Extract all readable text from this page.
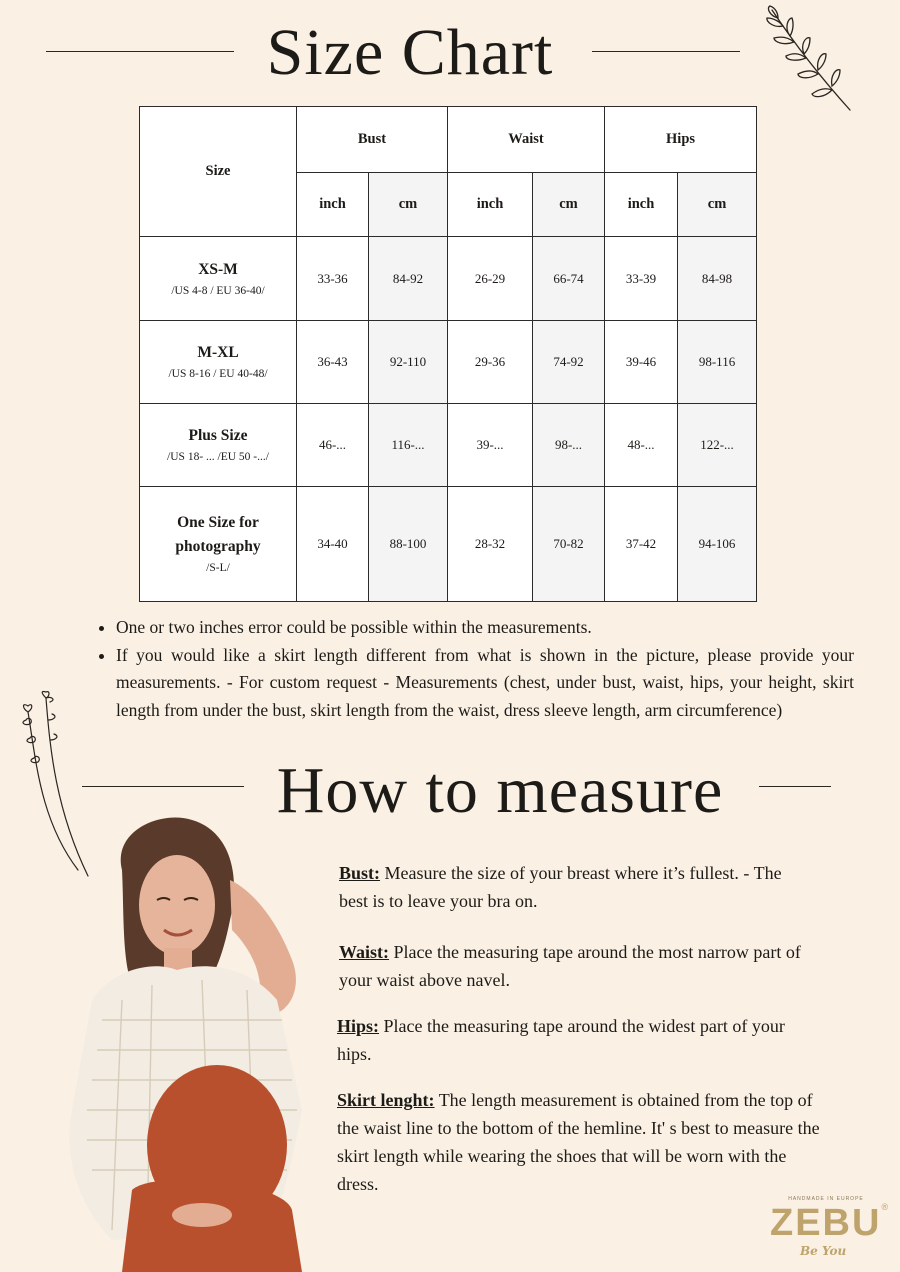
Size Chart
Size	Bust		Waist		Hips	
	inch	cm	inch	cm	inch	cm

XS-M
/US 4-8 / EU 36-40/	33-36	84-92	26-29	66-74	33-39	84-98

M-XL
/US 8-16 / EU 40-48/	36-43	92-110	29-36	74-92	39-46	98-116

Plus Size
/US 18- ... /EU 50 -.../	46-...	116-...	39-...	98-...	48-...	122-...

One Size for photography
/S-L/	34-40	88-100	28-32	70-82	37-42	94-106
• One or two inches error could be possible within the measurements.
• If you would like a skirt length different from what is shown in the picture, please provide your measurements. - For custom request - Measurements (chest, under bust, waist, hips, your height, skirt length from under the bust, skirt length from the waist, dress sleeve length, arm circumference)
How to measure
Bust: Measure the size of your breast where it’s fullest. - The best is to leave your bra on.
Waist: Place the measuring tape around the most narrow part of your waist above navel.
Hips: Place the measuring tape around the widest part of your hips.
Skirt lenght: The length measurement is obtained from the top of the waist line to the bottom of the hemline. It' s best to measure the skirt length while wearing the shoes that will be worn with the dress.
HANDMADE IN EUROPE
ZEBU®
Be You
